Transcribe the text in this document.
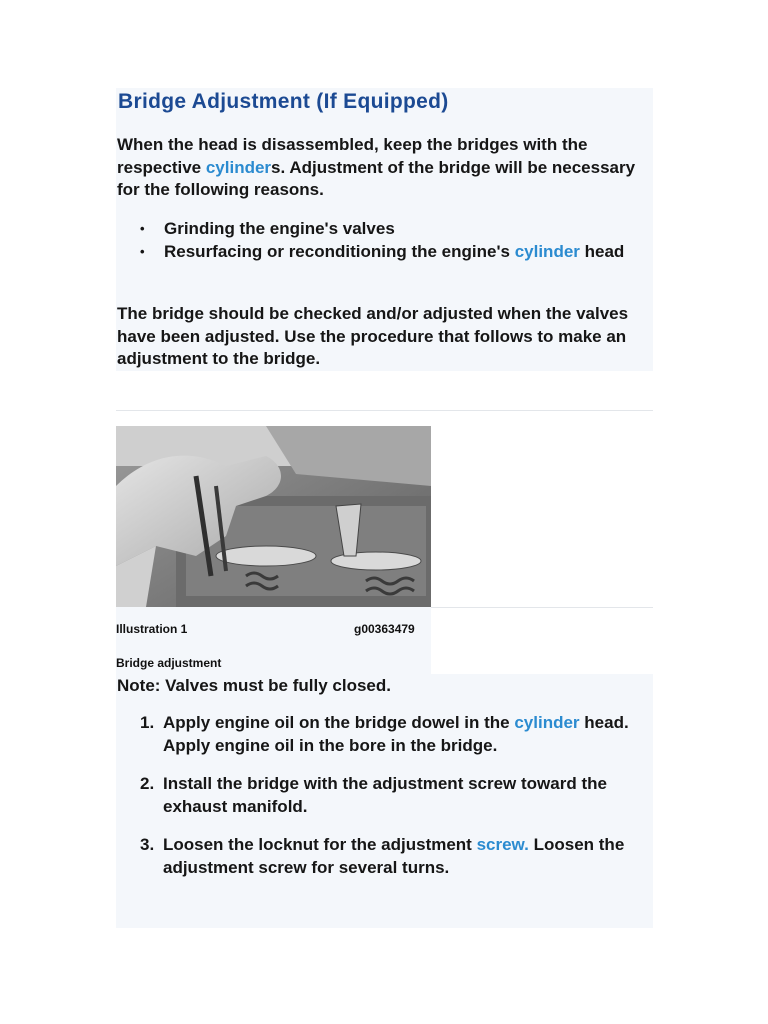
Bridge Adjustment (If Equipped)
When the head is disassembled, keep the bridges with the respective cylinders. Adjustment of the bridge will be necessary for the following reasons.
• Grinding the engine's valves
• Resurfacing or reconditioning the engine's cylinder head
The bridge should be checked and/or adjusted when the valves have been adjusted. Use the procedure that follows to make an adjustment to the bridge.
Illustration 1	g00363479
Bridge adjustment
Note: Valves must be fully closed.
1. Apply engine oil on the bridge dowel in the cylinder head. Apply engine oil in the bore in the bridge.
2. Install the bridge with the adjustment screw toward the exhaust manifold.
3. Loosen the locknut for the adjustment screw. Loosen the adjustment screw for several turns.
